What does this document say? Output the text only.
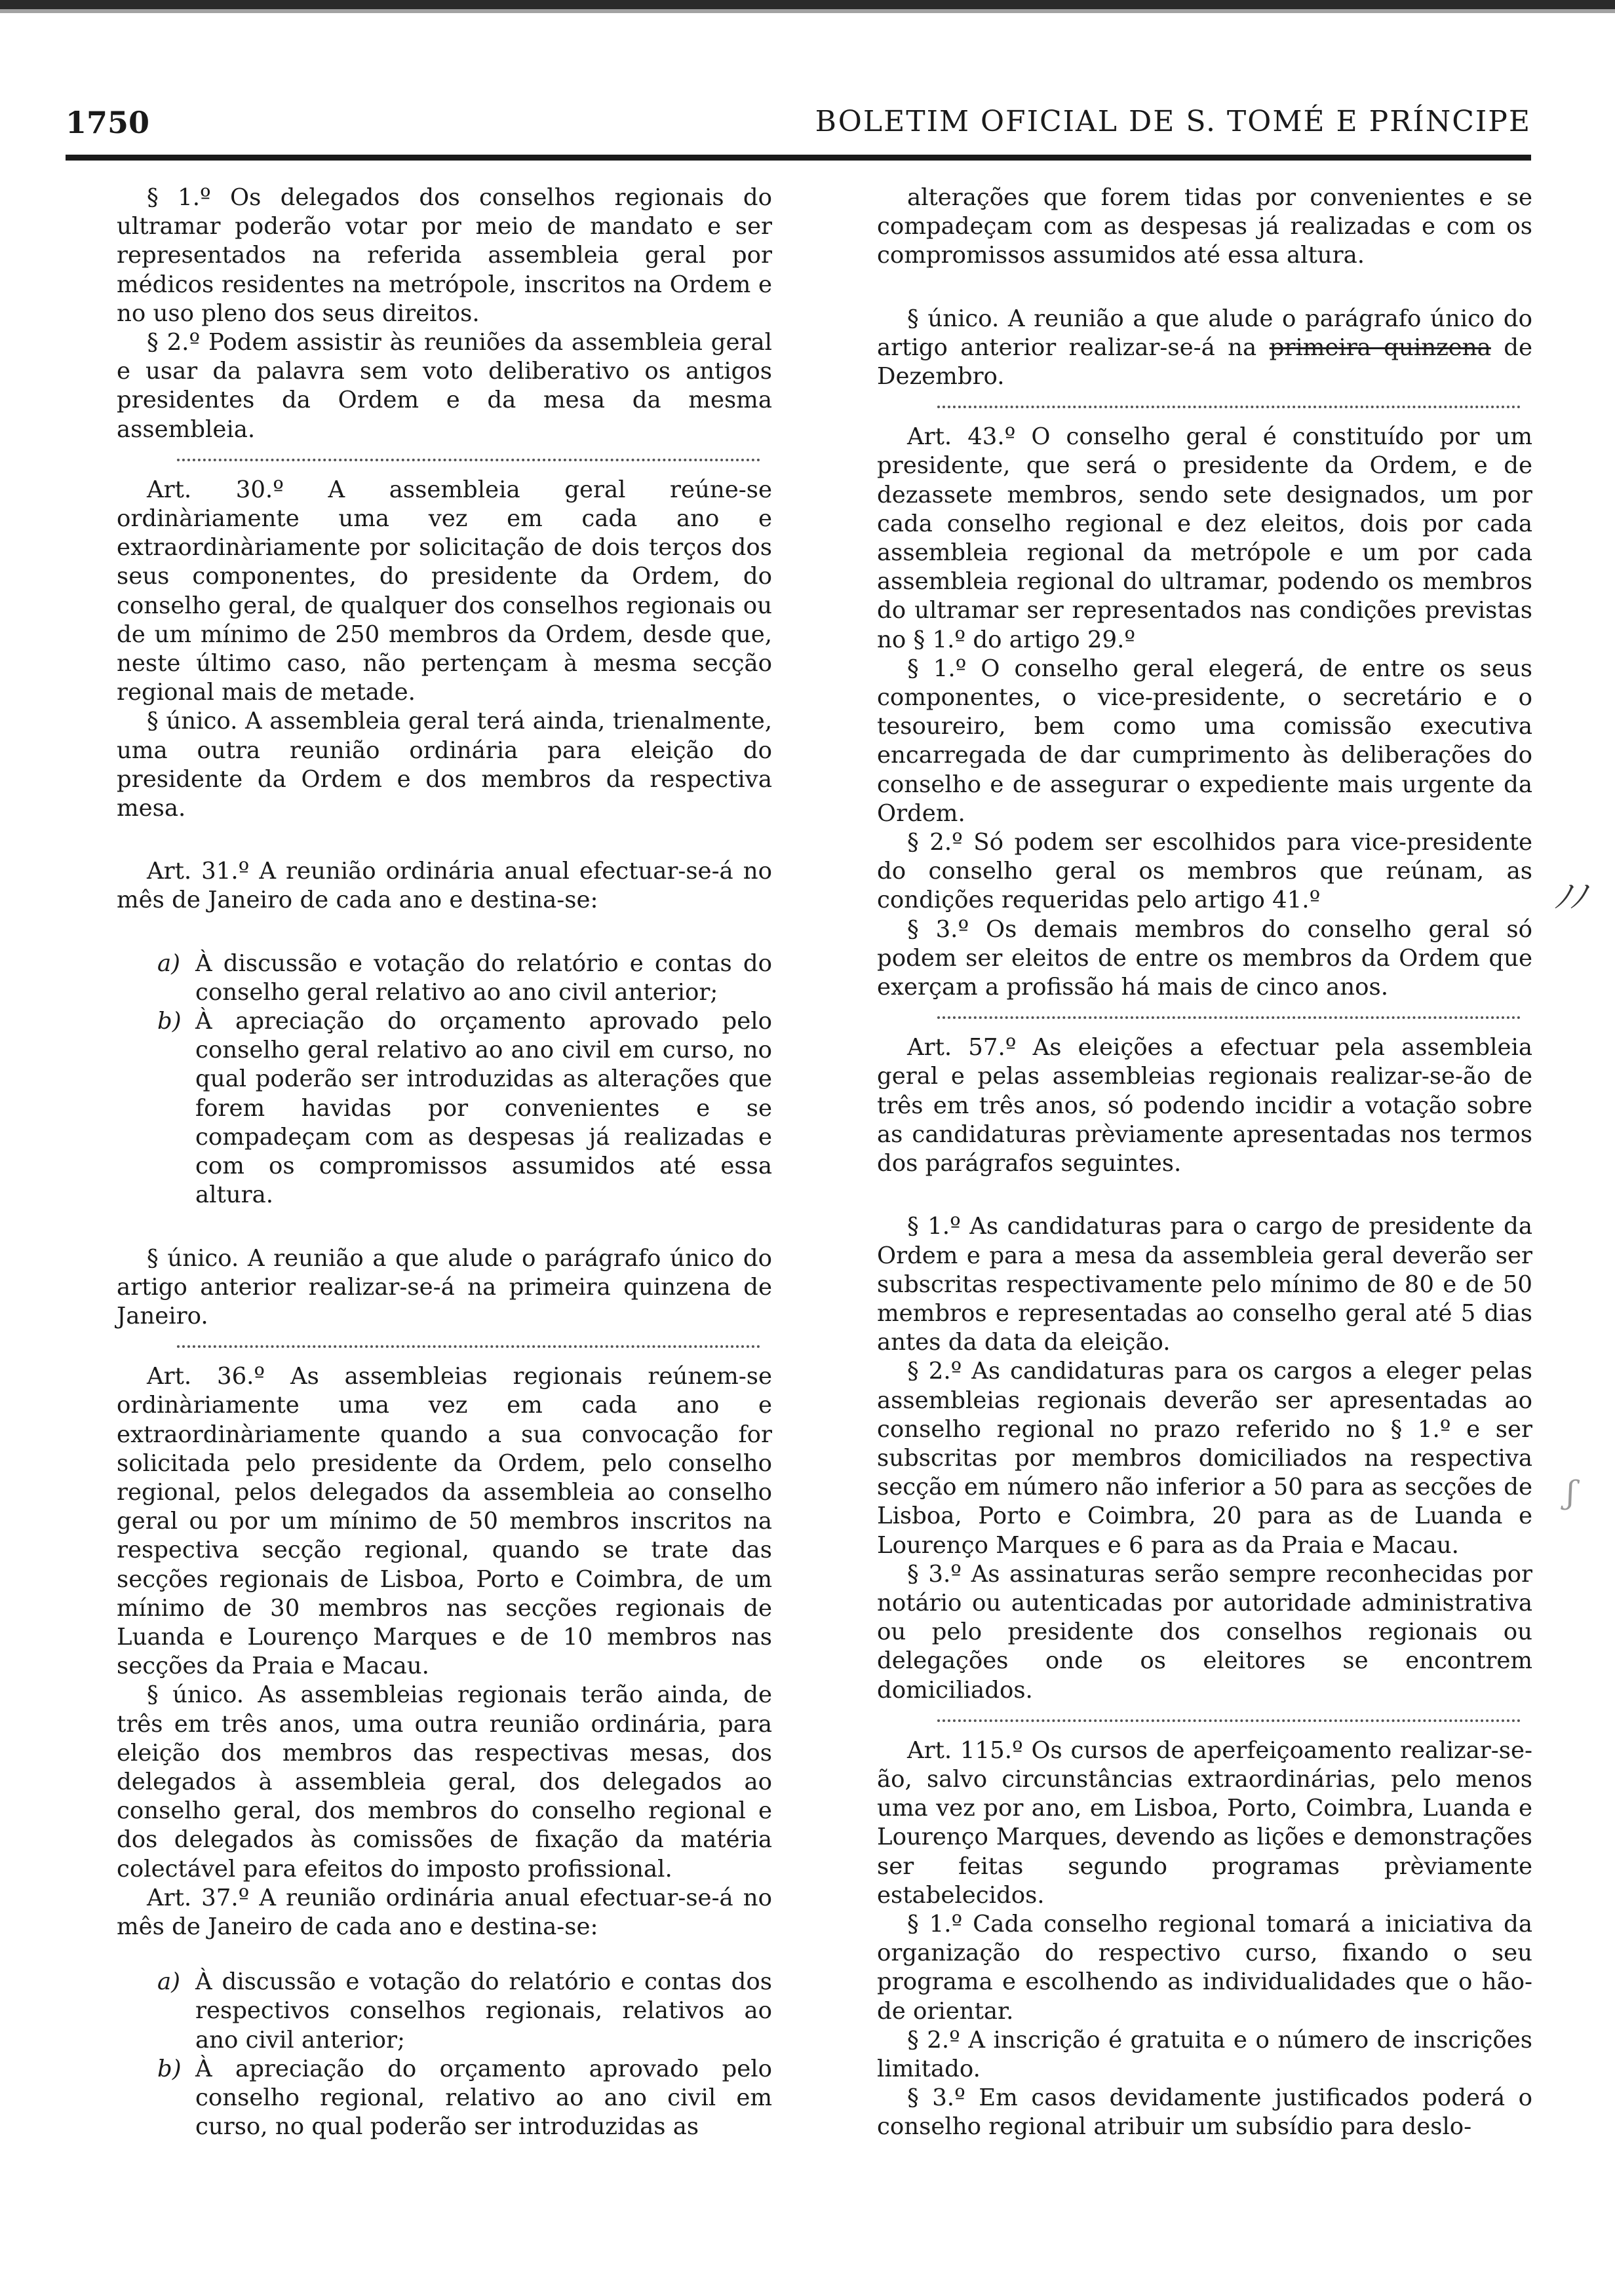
1750	BOLETIM OFICIAL DE S. TOMÉ E PRÍNCIPE

§ 1.º Os delegados dos conselhos regionais do ultramar poderão votar por meio de mandato e ser representados na referida assembleia geral por médicos residentes na metrópole, inscritos na Ordem e no uso pleno dos seus direitos.

§ 2.º Podem assistir às reuniões da assembleia geral e usar da palavra sem voto deliberativo os antigos presidentes da Ordem e da mesa da mesma assembleia.

Art. 30.º A assembleia geral reúne-se ordinàriamente uma vez em cada ano e extraordinàriamente por solicitação de dois terços dos seus componentes, do presidente da Ordem, do conselho geral, de qualquer dos conselhos regionais ou de um mínimo de 250 membros da Ordem, desde que, neste último caso, não pertençam à mesma secção regional mais de metade.

§ único. A assembleia geral terá ainda, trienalmente, uma outra reunião ordinária para eleição do presidente da Ordem e dos membros da respectiva mesa.

Art. 31.º A reunião ordinária anual efectuar-se-á no mês de Janeiro de cada ano e destina-se:

a) À discussão e votação do relatório e contas do conselho geral relativo ao ano civil anterior;
b) À apreciação do orçamento aprovado pelo conselho geral relativo ao ano civil em curso, no qual poderão ser introduzidas as alterações que forem havidas por convenientes e se compadeçam com as despesas já realizadas e com os compromissos assumidos até essa altura.

§ único. A reunião a que alude o parágrafo único do artigo anterior realizar-se-á na primeira quinzena de Janeiro.

Art. 36.º As assembleias regionais reúnem-se ordinàriamente uma vez em cada ano e extraordinàriamente quando a sua convocação for solicitada pelo presidente da Ordem, pelo conselho regional, pelos delegados da assembleia ao conselho geral ou por um mínimo de 50 membros inscritos na respectiva secção regional, quando se trate das secções regionais de Lisboa, Porto e Coimbra, de um mínimo de 30 membros nas secções regionais de Luanda e Lourenço Marques e de 10 membros nas secções da Praia e Macau.

§ único. As assembleias regionais terão ainda, de três em três anos, uma outra reunião ordinária, para eleição dos membros das respectivas mesas, dos delegados à assembleia geral, dos delegados ao conselho geral, dos membros do conselho regional e dos delegados às comissões de fixação da matéria colectável para efeitos do imposto profissional.

Art. 37.º A reunião ordinária anual efectuar-se-á no mês de Janeiro de cada ano e destina-se:

a) À discussão e votação do relatório e contas dos respectivos conselhos regionais, relativos ao ano civil anterior;
b) À apreciação do orçamento aprovado pelo conselho regional, relativo ao ano civil em curso, no qual poderão ser introduzidas as

alterações que forem tidas por convenientes e se compadeçam com as despesas já realizadas e com os compromissos assumidos até essa altura.

§ único. A reunião a que alude o parágrafo único do artigo anterior realizar-se-á na primeira quinzena de Dezembro.

Art. 43.º O conselho geral é constituído por um presidente, que será o presidente da Ordem, e de dezassete membros, sendo sete designados, um por cada conselho regional e dez eleitos, dois por cada assembleia regional da metrópole e um por cada assembleia regional do ultramar, podendo os membros do ultramar ser representados nas condições previstas no § 1.º do artigo 29.º

§ 1.º O conselho geral elegerá, de entre os seus componentes, o vice-presidente, o secretário e o tesoureiro, bem como uma comissão executiva encarregada de dar cumprimento às deliberações do conselho e de assegurar o expediente mais urgente da Ordem.

§ 2.º Só podem ser escolhidos para vice-presidente do conselho geral os membros que reúnam, as condições requeridas pelo artigo 41.º

§ 3.º Os demais membros do conselho geral só podem ser eleitos de entre os membros da Ordem que exerçam a profissão há mais de cinco anos.

Art. 57.º As eleições a efectuar pela assembleia geral e pelas assembleias regionais realizar-se-ão de três em três anos, só podendo incidir a votação sobre as candidaturas prèviamente apresentadas nos termos dos parágrafos seguintes.

§ 1.º As candidaturas para o cargo de presidente da Ordem e para a mesa da assembleia geral deverão ser subscritas respectivamente pelo mínimo de 80 e de 50 membros e representadas ao conselho geral até 5 dias antes da data da eleição.

§ 2.º As candidaturas para os cargos a eleger pelas assembleias regionais deverão ser apresentadas ao conselho regional no prazo referido no § 1.º e ser subscritas por membros domiciliados na respectiva secção em número não inferior a 50 para as secções de Lisboa, Porto e Coimbra, 20 para as de Luanda e Lourenço Marques e 6 para as da Praia e Macau.

§ 3.º As assinaturas serão sempre reconhecidas por notário ou autenticadas por autoridade administrativa ou pelo presidente dos conselhos regionais ou delegações onde os eleitores se encontrem domiciliados.

Art. 115.º Os cursos de aperfeiçoamento realizar-se-ão, salvo circunstâncias extraordinárias, pelo menos uma vez por ano, em Lisboa, Porto, Coimbra, Luanda e Lourenço Marques, devendo as lições e demonstrações ser feitas segundo programas prèviamente estabelecidos.

§ 1.º Cada conselho regional tomará a iniciativa da organização do respectivo curso, fixando o seu programa e escolhendo as individualidades que o hão-de orientar.

§ 2.º A inscrição é gratuita e o número de inscrições limitado.

§ 3.º Em casos devidamente justificados poderá o conselho regional atribuir um subsídio para deslo-

ﾉﾉ
ʃ
